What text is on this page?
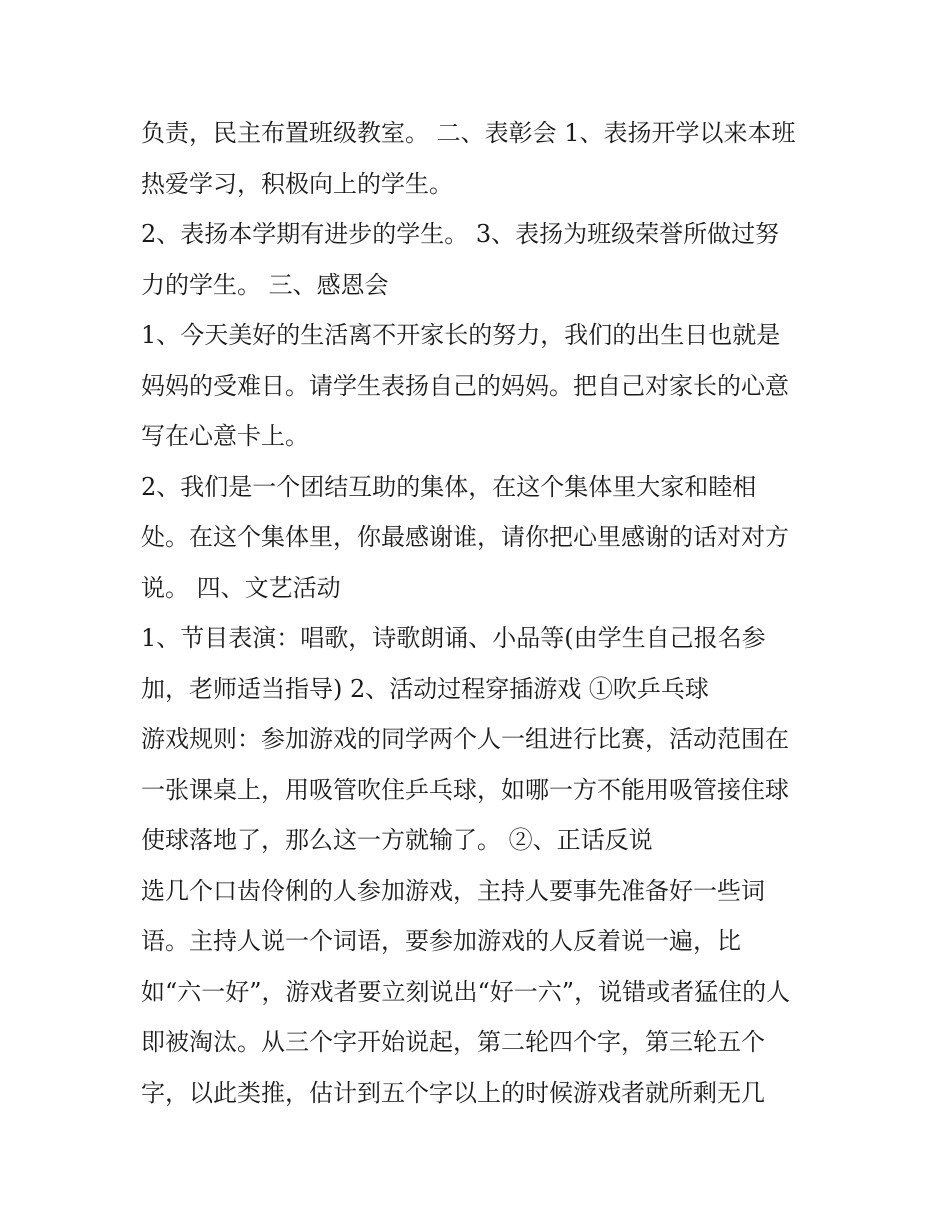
负责，民主布置班级教室。 二、表彰会 1、表扬开学以来本班
热爱学习，积极向上的学生。
2、表扬本学期有进步的学生。 3、表扬为班级荣誉所做过努
力的学生。 三、感恩会
1、今天美好的生活离不开家长的努力，我们的出生日也就是
妈妈的受难日。请学生表扬自己的妈妈。把自己对家长的心意
写在心意卡上。
2、我们是一个团结互助的集体，在这个集体里大家和睦相
处。在这个集体里，你最感谢谁，请你把心里感谢的话对对方
说。 四、文艺活动
1、节目表演：唱歌，诗歌朗诵、小品等(由学生自己报名参
加，老师适当指导) 2、活动过程穿插游戏 ①吹乒乓球
游戏规则：参加游戏的同学两个人一组进行比赛，活动范围在
一张课桌上，用吸管吹住乒乓球，如哪一方不能用吸管接住球
使球落地了，那么这一方就输了。 ②、正话反说
选几个口齿伶俐的人参加游戏，主持人要事先准备好一些词
语。主持人说一个词语，要参加游戏的人反着说一遍，比
如“六一好”，游戏者要立刻说出“好一六”，说错或者猛住的人
即被淘汰。从三个字开始说起，第二轮四个字，第三轮五个
字，以此类推，估计到五个字以上的时候游戏者就所剩无几
